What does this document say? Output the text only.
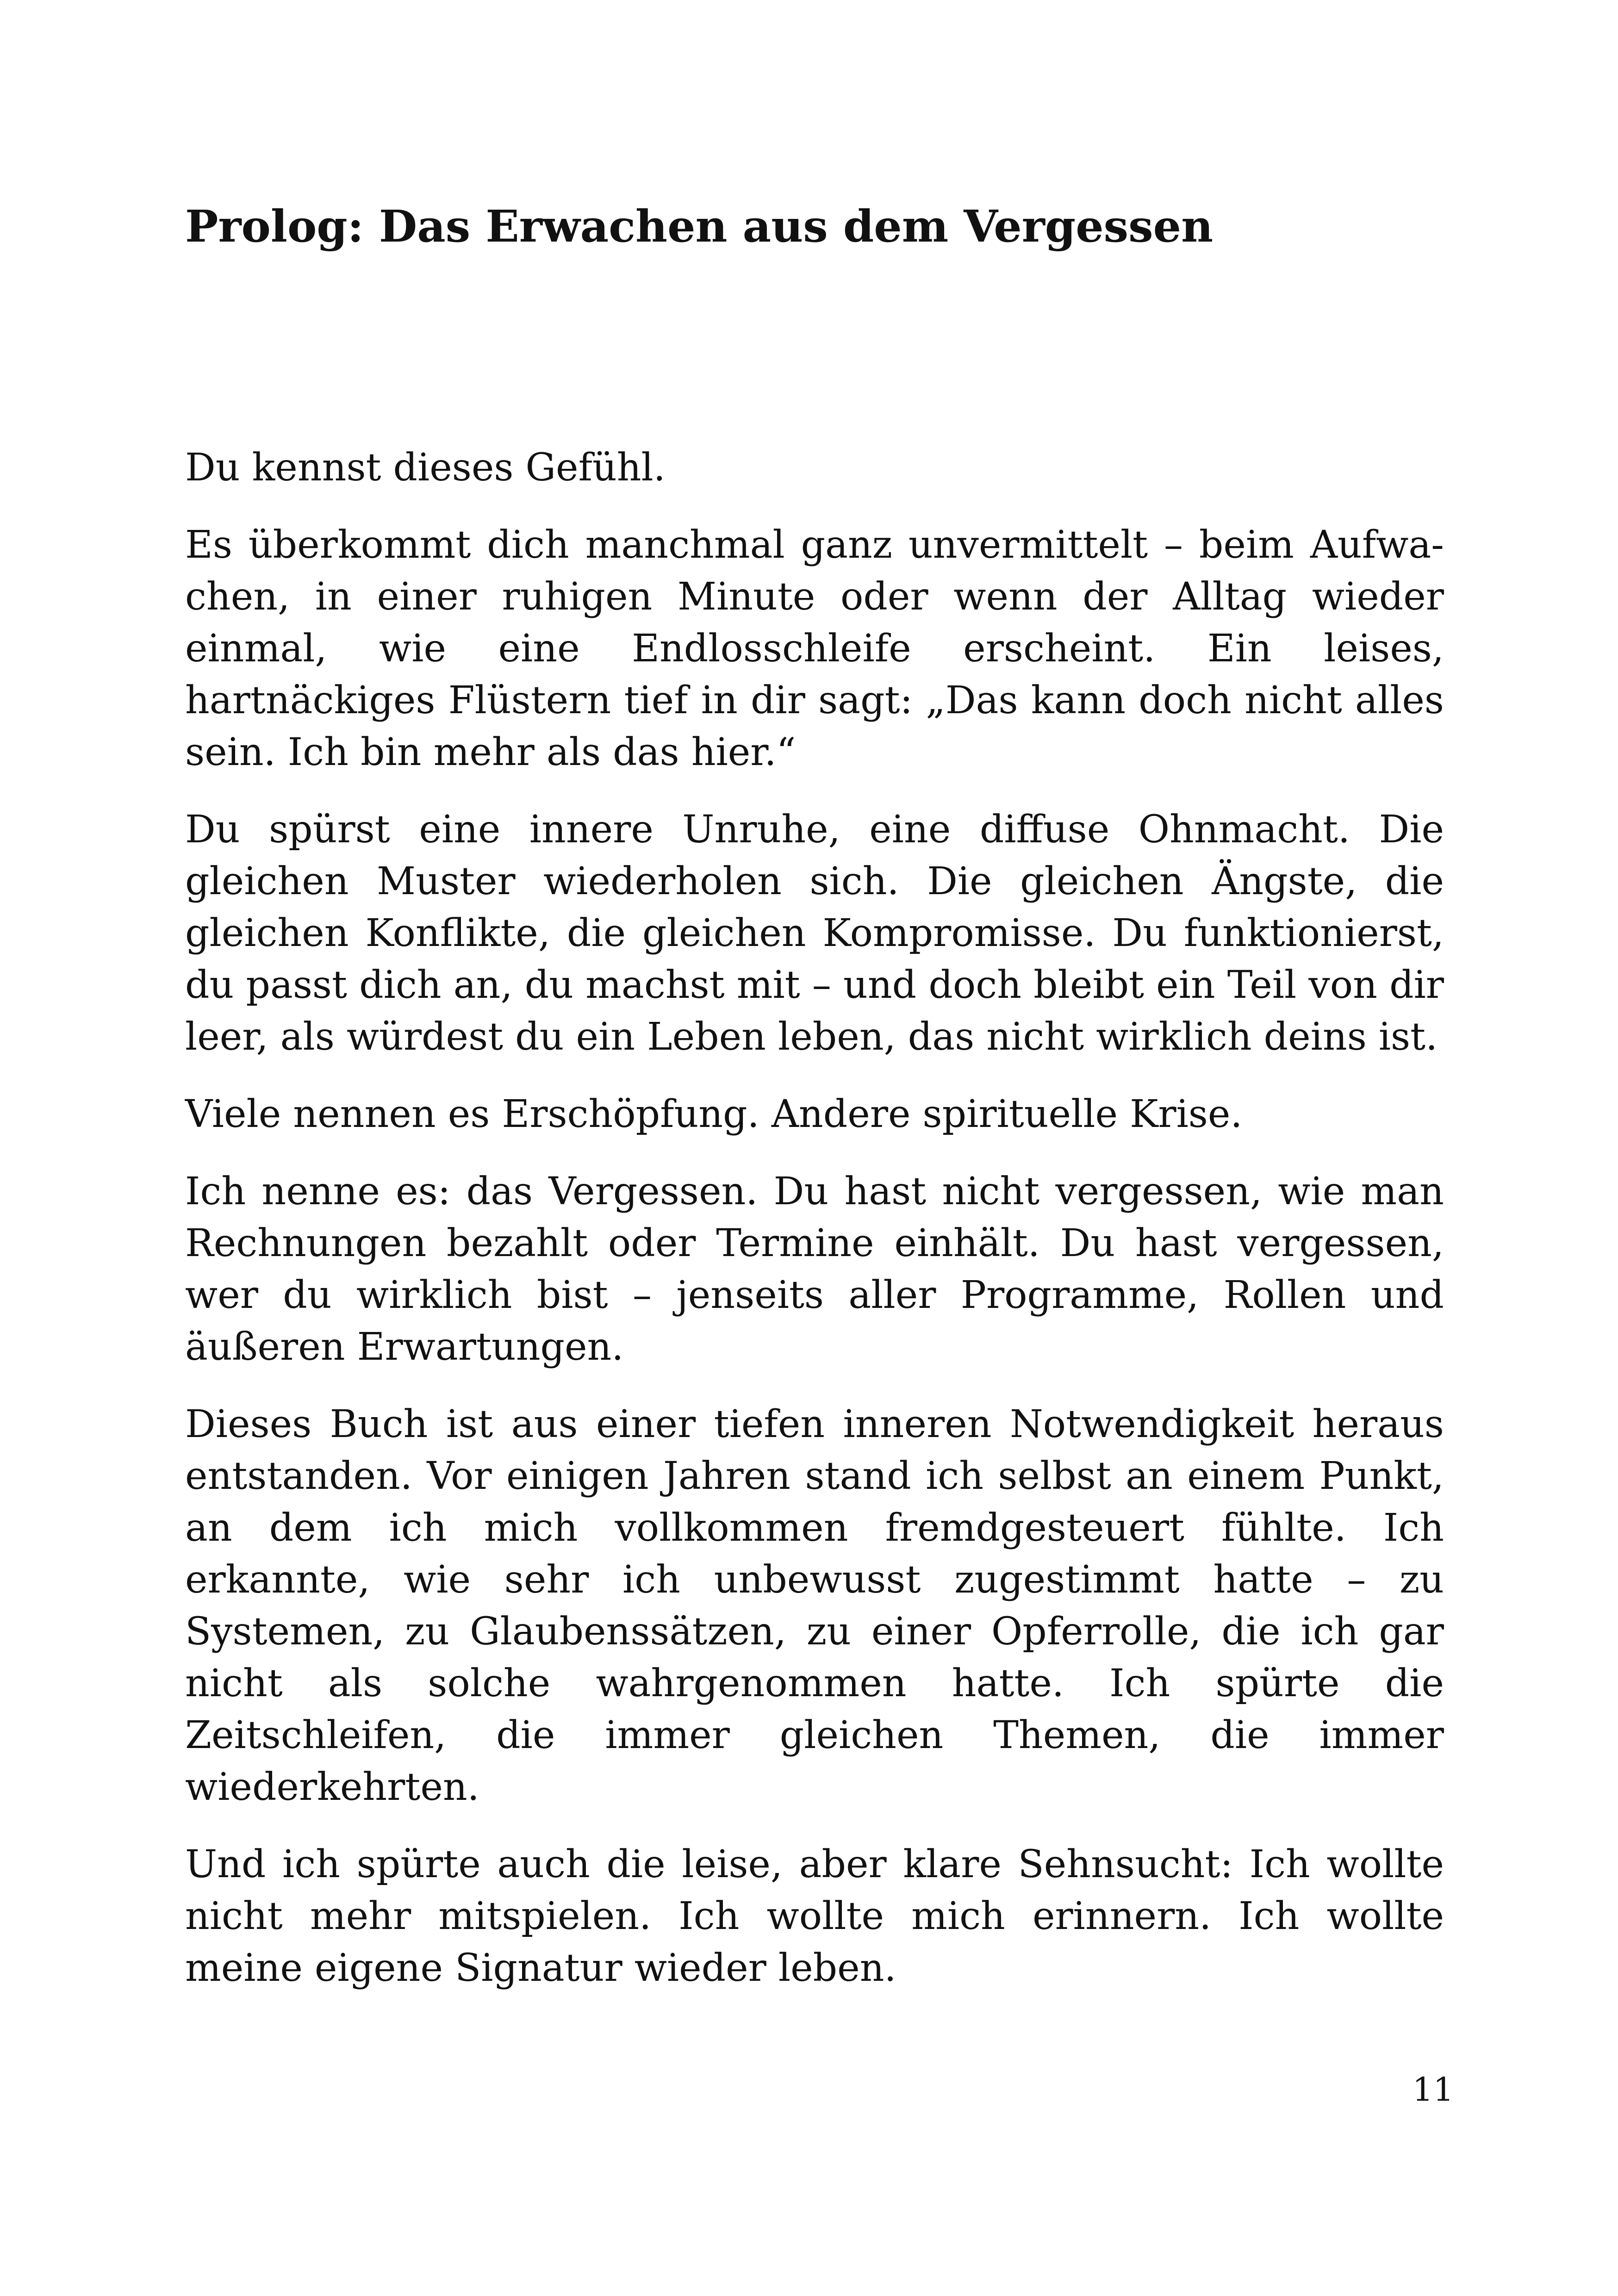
Prolog: Das Erwachen aus dem Vergessen

Du kennst dieses Gefühl.

Es überkommt dich manchmal ganz unvermittelt – beim Aufwachen, in einer ruhigen Minute oder wenn der Alltag wieder einmal, wie eine Endlosschleife erscheint. Ein leises, hartnäckiges Flüstern tief in dir sagt: „Das kann doch nicht alles sein. Ich bin mehr als das hier.“

Du spürst eine innere Unruhe, eine diffuse Ohnmacht. Die gleichen Muster wiederholen sich. Die gleichen Ängste, die gleichen Konflikte, die gleichen Kompromisse. Du funktionierst, du passt dich an, du machst mit – und doch bleibt ein Teil von dir leer, als würdest du ein Leben leben, das nicht wirklich deins ist.

Viele nennen es Erschöpfung. Andere spirituelle Krise.

Ich nenne es: das Vergessen. Du hast nicht vergessen, wie man Rechnungen bezahlt oder Termine einhält. Du hast vergessen, wer du wirklich bist – jenseits aller Programme, Rollen und äußeren Erwartungen.

Dieses Buch ist aus einer tiefen inneren Notwendigkeit heraus entstanden. Vor einigen Jahren stand ich selbst an einem Punkt, an dem ich mich vollkommen fremdgesteuert fühlte. Ich erkannte, wie sehr ich unbewusst zugestimmt hatte – zu Systemen, zu Glaubenssätzen, zu einer Opferrolle, die ich gar nicht als solche wahrgenommen hatte. Ich spürte die Zeitschleifen, die immer gleichen Themen, die immer wiederkehrten.

Und ich spürte auch die leise, aber klare Sehnsucht: Ich wollte nicht mehr mitspielen. Ich wollte mich erinnern. Ich wollte meine eigene Signatur wieder leben.

11
